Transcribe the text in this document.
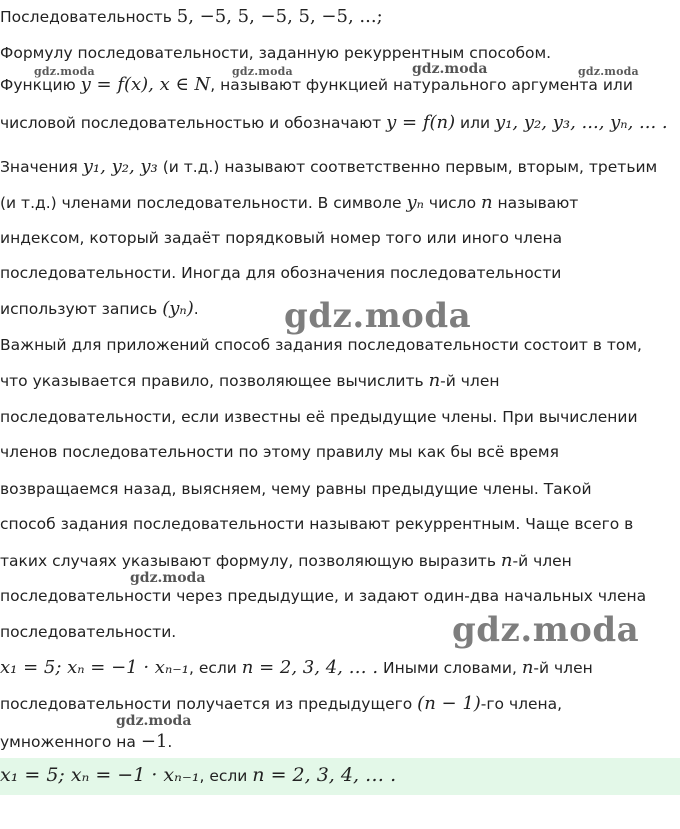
Последовательность 5, −5, 5, −5, 5, −5, ...;
Формулу последовательности, заданную рекуррентным способом.
Функцию y = f(x), x ∈ N, называют функцией натурального аргумента или
числовой последовательностью и обозначают y = f(n) или y₁, y₂, y₃, ..., yₙ, ... .
Значения y₁, y₂, y₃ (и т.д.) называют соответственно первым, вторым, третьим
(и т.д.) членами последовательности. В символе yₙ число n называют
индексом, который задаёт порядковый номер того или иного члена
последовательности. Иногда для обозначения последовательности
используют запись (yₙ).
Важный для приложений способ задания последовательности состоит в том,
что указывается правило, позволяющее вычислить n-й член
последовательности, если известны её предыдущие члены. При вычислении
членов последовательности по этому правилу мы как бы всё время
возвращаемся назад, выясняем, чему равны предыдущие члены. Такой
способ задания последовательности называют рекуррентным. Чаще всего в
таких случаях указывают формулу, позволяющую выразить n-й член
последовательности через предыдущие, и задают один-два начальных члена
последовательности.
x₁ = 5; xₙ = −1 · xₙ₋₁, если n = 2, 3, 4, … . Иными словами, n-й член
последовательности получается из предыдущего (n − 1)-го члена,
умноженного на −1.
x₁ = 5; xₙ = −1 · xₙ₋₁, если n = 2, 3, 4, … .
gdz.moda	gdz.moda	gdz.moda	gdz.moda
gdz.moda
gdz.moda
gdz.moda
gdz.moda
